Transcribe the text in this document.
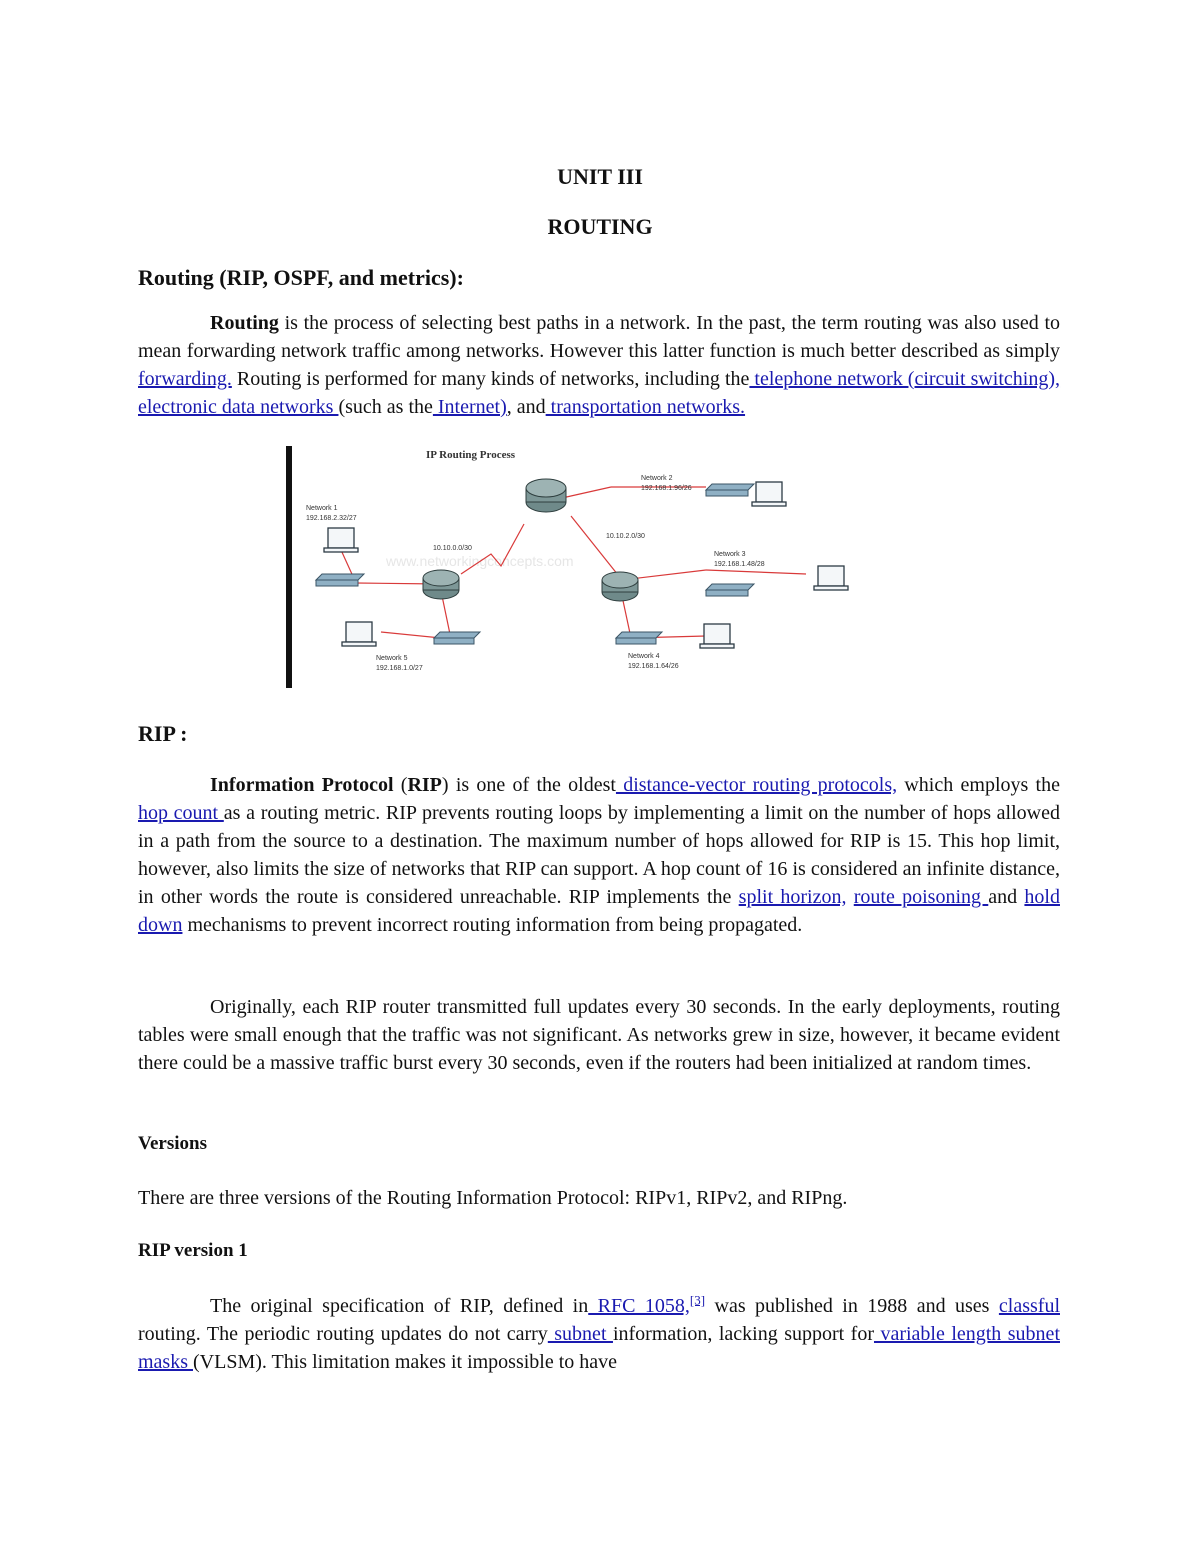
UNIT III
ROUTING
Routing (RIP, OSPF, and metrics):
Routing is the process of selecting best paths in a network. In the past, the term routing was also used to mean forwarding network traffic among networks. However this latter function is much better described as simply forwarding. Routing is performed for many kinds of networks, including the telephone network (circuit switching), electronic data networks (such as the Internet), and transportation networks.
IP Routing Process
www.networkingconcepts.com
Network 1
192.168.2.32/27
Network 2
192.168.1.96/26
Network 3
192.168.1.48/28
Network 4
192.168.1.64/26
Network 5
192.168.1.0/27
10.10.0.0/30
10.10.2.0/30
RIP :
Information Protocol (RIP) is one of the oldest distance-vector routing protocols, which employs the hop count as a routing metric. RIP prevents routing loops by implementing a limit on the number of hops allowed in a path from the source to a destination. The maximum number of hops allowed for RIP is 15. This hop limit, however, also limits the size of networks that RIP can support. A hop count of 16 is considered an infinite distance, in other words the route is considered unreachable. RIP implements the split horizon, route poisoning and hold down mechanisms to prevent incorrect routing information from being propagated.
Originally, each RIP router transmitted full updates every 30 seconds. In the early deployments, routing tables were small enough that the traffic was not significant. As networks grew in size, however, it became evident there could be a massive traffic burst every 30 seconds, even if the routers had been initialized at random times.
Versions
There are three versions of the Routing Information Protocol: RIPv1, RIPv2, and RIPng.
RIP version 1
The original specification of RIP, defined in RFC 1058,[3] was published in 1988 and uses classful routing. The periodic routing updates do not carry subnet information, lacking support for variable length subnet masks (VLSM). This limitation makes it impossible to have
